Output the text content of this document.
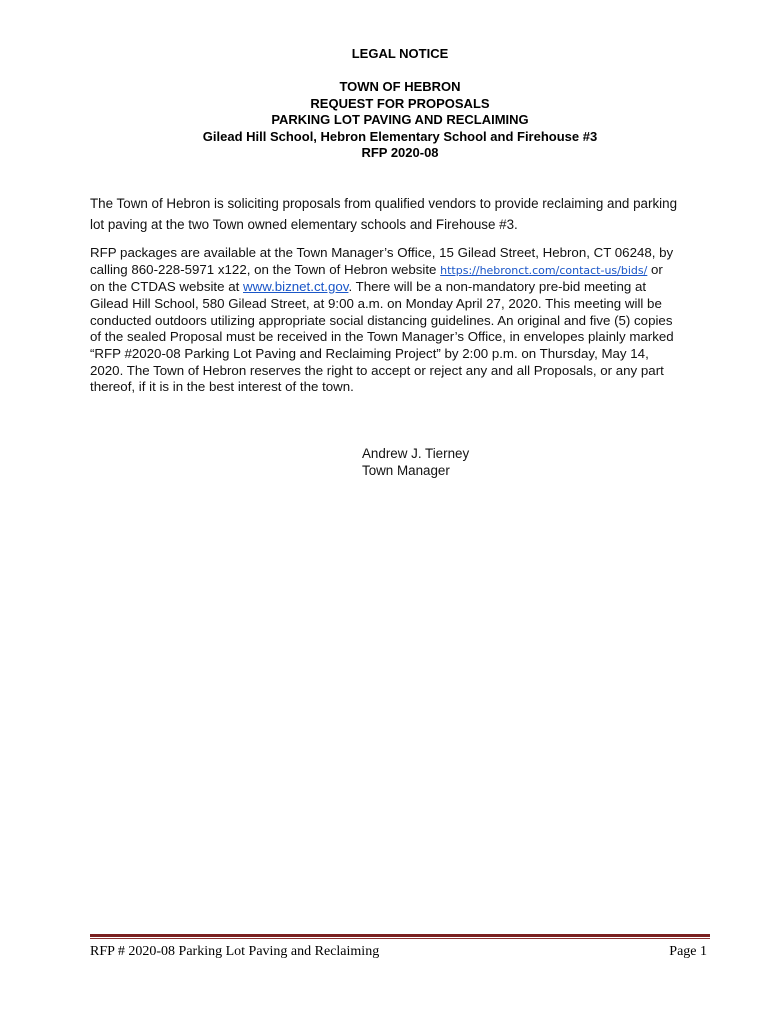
LEGAL NOTICE
TOWN OF HEBRON
REQUEST FOR PROPOSALS
PARKING LOT PAVING AND RECLAIMING
Gilead Hill School, Hebron Elementary School and Firehouse #3
RFP 2020-08
The Town of Hebron is soliciting proposals from qualified vendors to provide reclaiming and parking
lot paving at the two Town owned elementary schools and Firehouse #3.
RFP packages are available at the Town Manager’s Office, 15 Gilead Street, Hebron, CT 06248, by
calling 860-228-5971 x122, on the Town of Hebron website https://hebronct.com/contact-us/bids/ or
on the CTDAS website at www.biznet.ct.gov. There will be a non-mandatory pre-bid meeting at
Gilead Hill School, 580 Gilead Street, at 9:00 a.m. on Monday April 27, 2020. This meeting will be
conducted outdoors utilizing appropriate social distancing guidelines. An original and five (5) copies
of the sealed Proposal must be received in the Town Manager’s Office, in envelopes plainly marked
“RFP #2020-08 Parking Lot Paving and Reclaiming Project” by 2:00 p.m. on Thursday, May 14,
2020. The Town of Hebron reserves the right to accept or reject any and all Proposals, or any part
thereof, if it is in the best interest of the town.
Andrew J. Tierney
Town Manager
RFP # 2020-08 Parking Lot Paving and Reclaiming	Page 1
